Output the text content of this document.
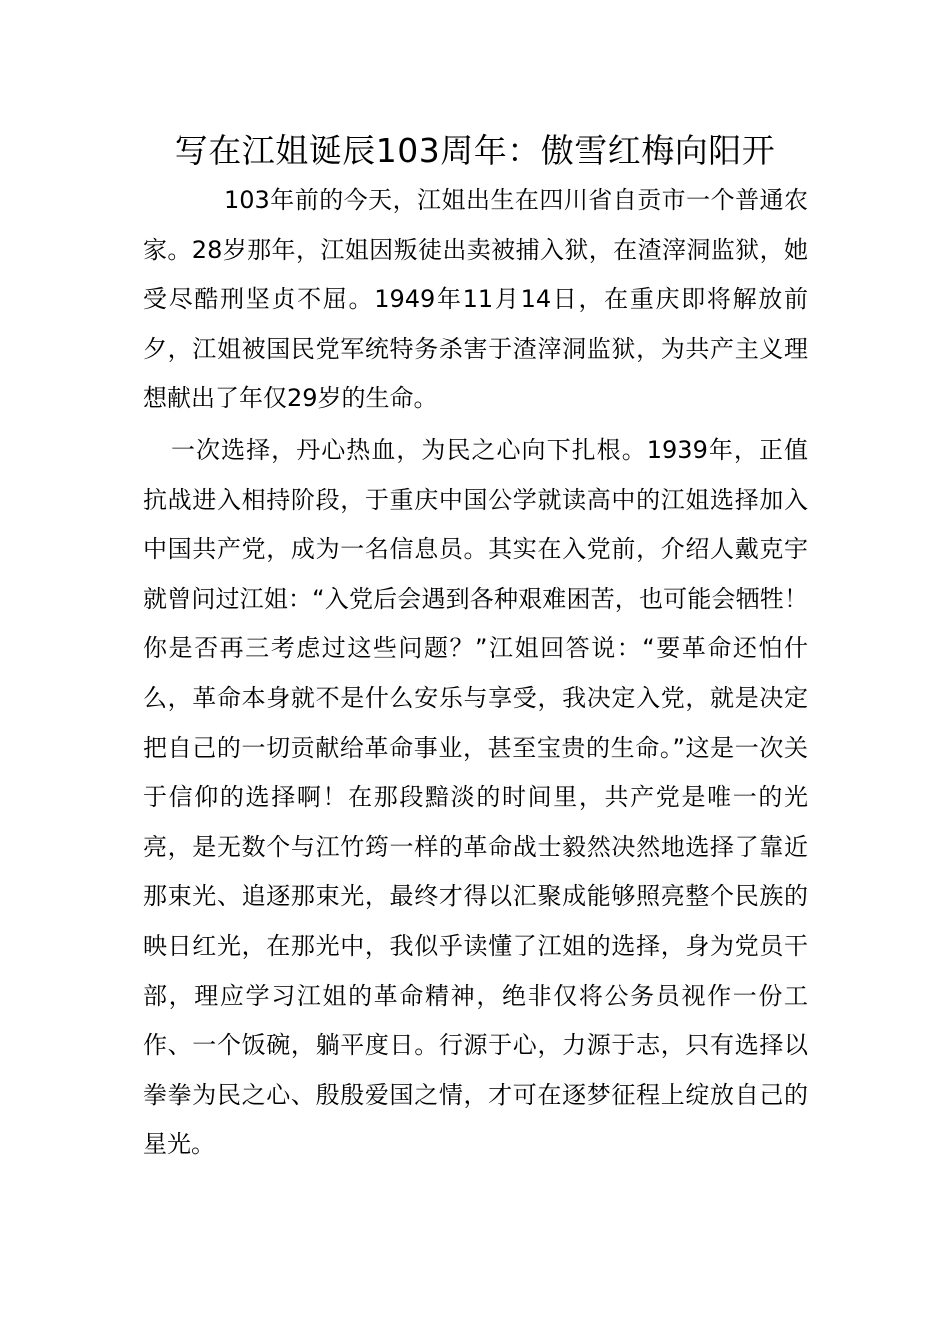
写在江姐诞辰103周年：傲雪红梅向阳开

103年前的今天，江姐出生在四川省自贡市一个普通农家。28岁那年，江姐因叛徒出卖被捕入狱，在渣滓洞监狱，她受尽酷刑坚贞不屈。1949年11月14日，在重庆即将解放前夕，江姐被国民党军统特务杀害于渣滓洞监狱，为共产主义理想献出了年仅29岁的生命。

一次选择，丹心热血，为民之心向下扎根。1939年，正值抗战进入相持阶段，于重庆中国公学就读高中的江姐选择加入中国共产党，成为一名信息员。其实在入党前，介绍人戴克宇就曾问过江姐：“入党后会遇到各种艰难困苦，也可能会牺牲！你是否再三考虑过这些问题？”江姐回答说：“要革命还怕什么，革命本身就不是什么安乐与享受，我决定入党，就是决定把自己的一切贡献给革命事业，甚至宝贵的生命。”这是一次关于信仰的选择啊！在那段黯淡的时间里，共产党是唯一的光亮，是无数个与江竹筠一样的革命战士毅然决然地选择了靠近那束光、追逐那束光，最终才得以汇聚成能够照亮整个民族的映日红光，在那光中，我似乎读懂了江姐的选择，身为党员干部，理应学习江姐的革命精神，绝非仅将公务员视作一份工作、一个饭碗，躺平度日。行源于心，力源于志，只有选择以拳拳为民之心、殷殷爱国之情，才可在逐梦征程上绽放自己的星光。
